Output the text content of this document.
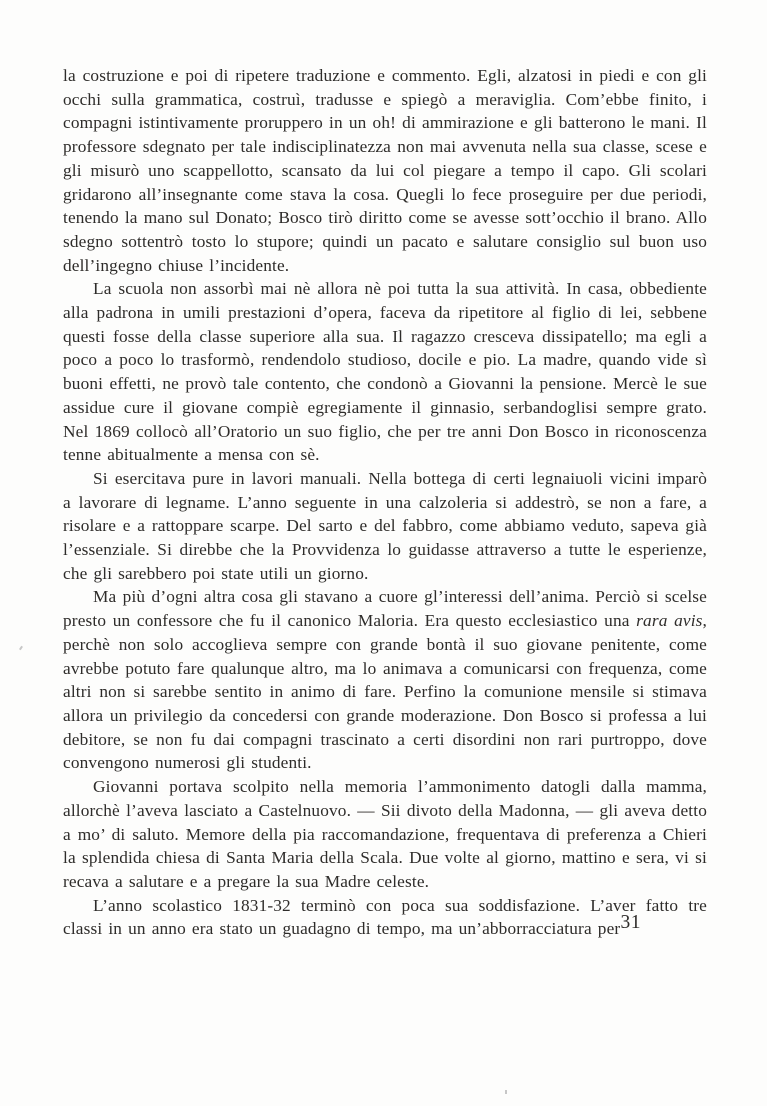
la costruzione e poi di ripetere traduzione e commento. Egli, alzatosi in piedi e con gli occhi sulla grammatica, costruì, tradusse e spiegò a meraviglia. Com’ebbe finito, i compagni istintivamente proruppero in un oh! di ammirazione e gli batterono le mani. Il professore sdegnato per tale indisciplinatezza non mai avvenuta nella sua classe, scese e gli misurò uno scappellotto, scansato da lui col piegare a tempo il capo. Gli scolari gridarono all’insegnante come stava la cosa. Quegli lo fece proseguire per due periodi, tenendo la mano sul Donato; Bosco tirò diritto come se avesse sott’occhio il brano. Allo sdegno sottentrò tosto lo stupore; quindi un pacato e salutare consiglio sul buon uso dell’ingegno chiuse l’incidente.

La scuola non assorbì mai nè allora nè poi tutta la sua attività. In casa, obbediente alla padrona in umili prestazioni d’opera, faceva da ripetitore al figlio di lei, sebbene questi fosse della classe superiore alla sua. Il ragazzo cresceva dissipatello; ma egli a poco a poco lo trasformò, rendendolo studioso, docile e pio. La madre, quando vide sì buoni effetti, ne provò tale contento, che condonò a Giovanni la pensione. Mercè le sue assidue cure il giovane compiè egregiamente il ginnasio, serbandoglisi sempre grato. Nel 1869 collocò all’Oratorio un suo figlio, che per tre anni Don Bosco in riconoscenza tenne abitualmente a mensa con sè.

Si esercitava pure in lavori manuali. Nella bottega di certi legnaiuoli vicini imparò a lavorare di legname. L’anno seguente in una calzoleria si addestrò, se non a fare, a risolare e a rattoppare scarpe. Del sarto e del fabbro, come abbiamo veduto, sapeva già l’essenziale. Si direbbe che la Provvidenza lo guidasse attraverso a tutte le esperienze, che gli sarebbero poi state utili un giorno.

Ma più d’ogni altra cosa gli stavano a cuore gl’interessi dell’anima. Perciò si scelse presto un confessore che fu il canonico Maloria. Era questo ecclesiastico una rara avis, perchè non solo accoglieva sempre con grande bontà il suo giovane penitente, come avrebbe potuto fare qualunque altro, ma lo animava a comunicarsi con frequenza, come altri non si sarebbe sentito in animo di fare. Perfino la comunione mensile si stimava allora un privilegio da concedersi con grande moderazione. Don Bosco si professa a lui debitore, se non fu dai compagni trascinato a certi disordini non rari purtroppo, dove convengono numerosi gli studenti.

Giovanni portava scolpito nella memoria l’ammonimento datogli dalla mamma, allorchè l’aveva lasciato a Castelnuovo. — Sii divoto della Madonna, — gli aveva detto a mo’ di saluto. Memore della pia raccomandazione, frequentava di preferenza a Chieri la splendida chiesa di Santa Maria della Scala. Due volte al giorno, mattino e sera, vi si recava a salutare e a pregare la sua Madre celeste.

L’anno scolastico 1831-32 terminò con poca sua soddisfazione. L’aver fatto tre classi in un anno era stato un guadagno di tempo, ma un’abborracciatura per 31
